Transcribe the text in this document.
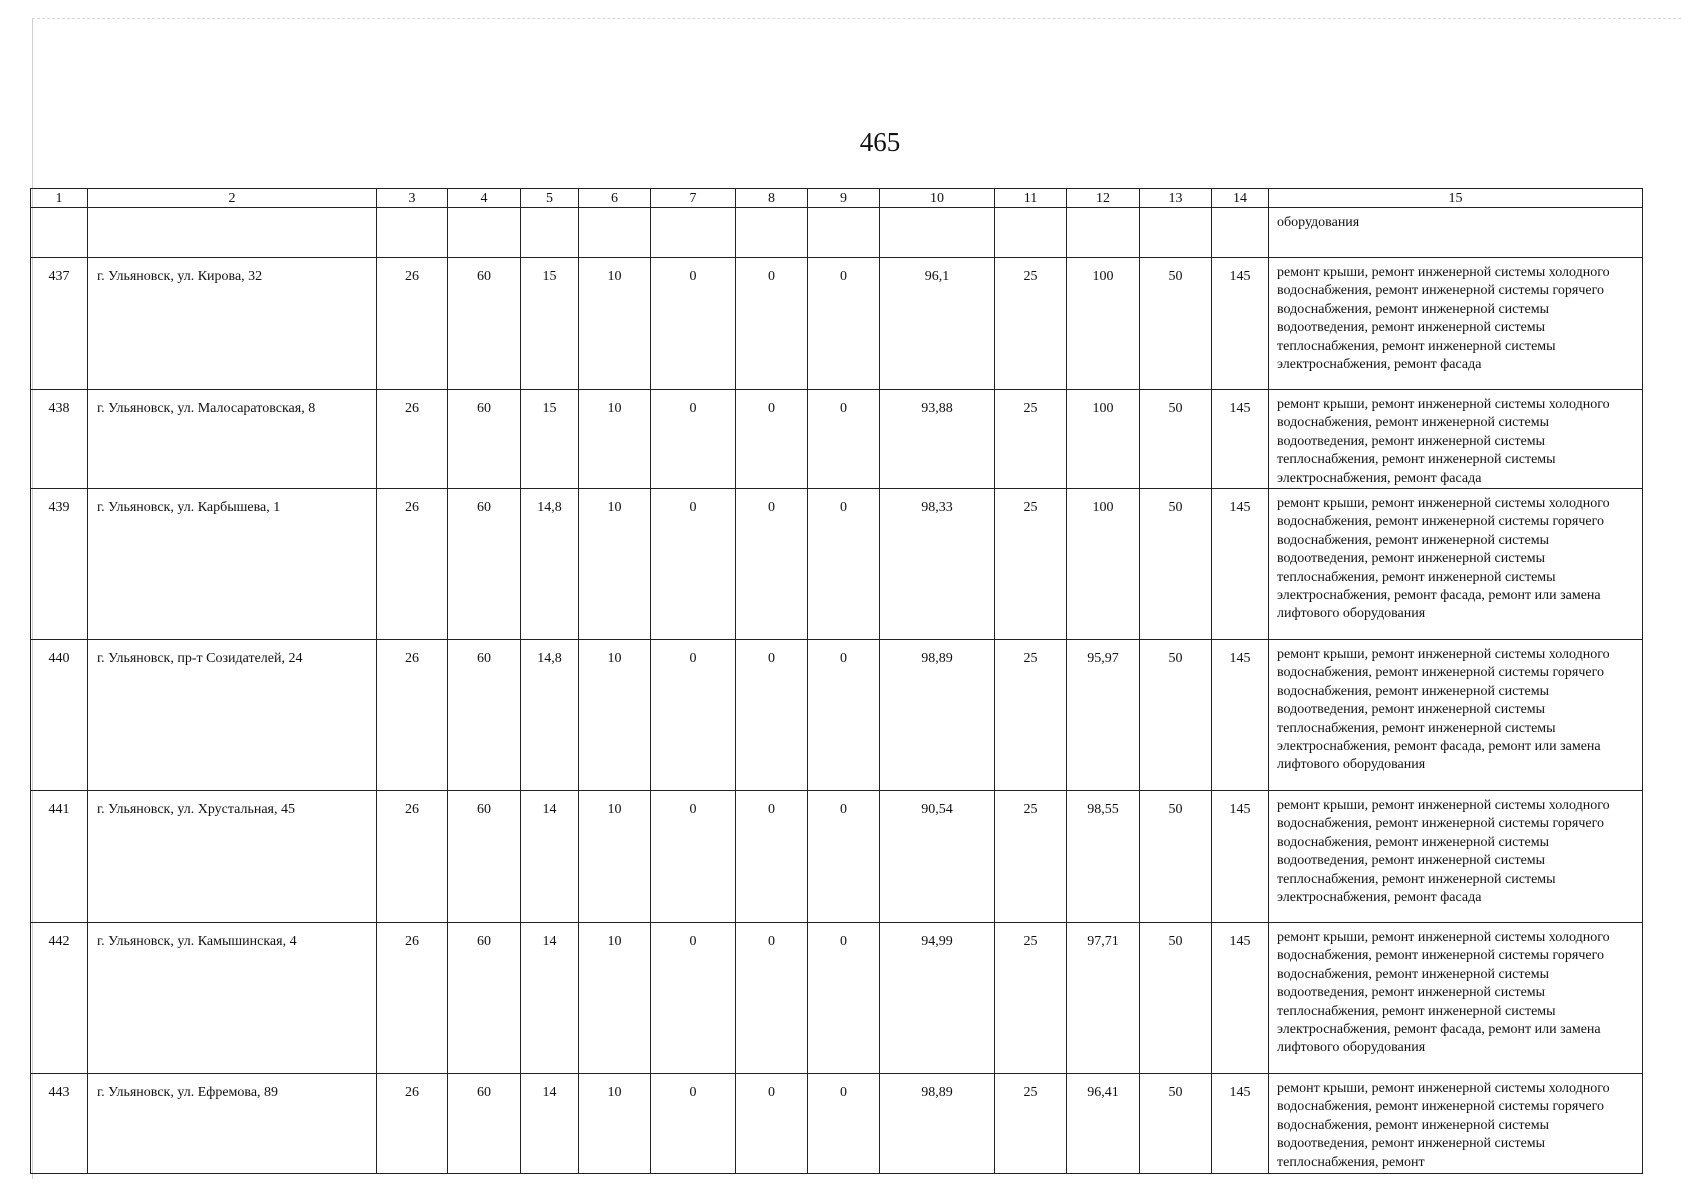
465
1	2	3	4	5	6	7	8	9	10	11	12	13	14	15
														оборудования
437	г. Ульяновск, ул. Кирова, 32	26	60	15	10	0	0	0	96,1	25	100	50	145	ремонт крыши, ремонт инженерной системы холодного водоснабжения, ремонт инженерной системы горячего водоснабжения, ремонт инженерной системы водоотведения, ремонт инженерной системы теплоснабжения, ремонт инженерной системы электроснабжения, ремонт фасада
438	г. Ульяновск, ул. Малосаратовская, 8	26	60	15	10	0	0	0	93,88	25	100	50	145	ремонт крыши, ремонт инженерной системы холодного водоснабжения, ремонт инженерной системы водоотведения, ремонт инженерной системы теплоснабжения, ремонт инженерной системы электроснабжения, ремонт фасада
439	г. Ульяновск, ул. Карбышева, 1	26	60	14,8	10	0	0	0	98,33	25	100	50	145	ремонт крыши, ремонт инженерной системы холодного водоснабжения, ремонт инженерной системы горячего водоснабжения, ремонт инженерной системы водоотведения, ремонт инженерной системы теплоснабжения, ремонт инженерной системы электроснабжения, ремонт фасада, ремонт или замена лифтового оборудования
440	г. Ульяновск, пр-т Созидателей, 24	26	60	14,8	10	0	0	0	98,89	25	95,97	50	145	ремонт крыши, ремонт инженерной системы холодного водоснабжения, ремонт инженерной системы горячего водоснабжения, ремонт инженерной системы водоотведения, ремонт инженерной системы теплоснабжения, ремонт инженерной системы электроснабжения, ремонт фасада, ремонт или замена лифтового оборудования
441	г. Ульяновск, ул. Хрустальная, 45	26	60	14	10	0	0	0	90,54	25	98,55	50	145	ремонт крыши, ремонт инженерной системы холодного водоснабжения, ремонт инженерной системы горячего водоснабжения, ремонт инженерной системы водоотведения, ремонт инженерной системы теплоснабжения, ремонт инженерной системы электроснабжения, ремонт фасада
442	г. Ульяновск, ул. Камышинская, 4	26	60	14	10	0	0	0	94,99	25	97,71	50	145	ремонт крыши, ремонт инженерной системы холодного водоснабжения, ремонт инженерной системы горячего водоснабжения, ремонт инженерной системы водоотведения, ремонт инженерной системы теплоснабжения, ремонт инженерной системы электроснабжения, ремонт фасада, ремонт или замена лифтового оборудования
443	г. Ульяновск, ул. Ефремова, 89	26	60	14	10	0	0	0	98,89	25	96,41	50	145	ремонт крыши, ремонт инженерной системы холодного водоснабжения, ремонт инженерной системы горячего водоснабжения, ремонт инженерной системы водоотведения, ремонт инженерной системы теплоснабжения, ремонт
